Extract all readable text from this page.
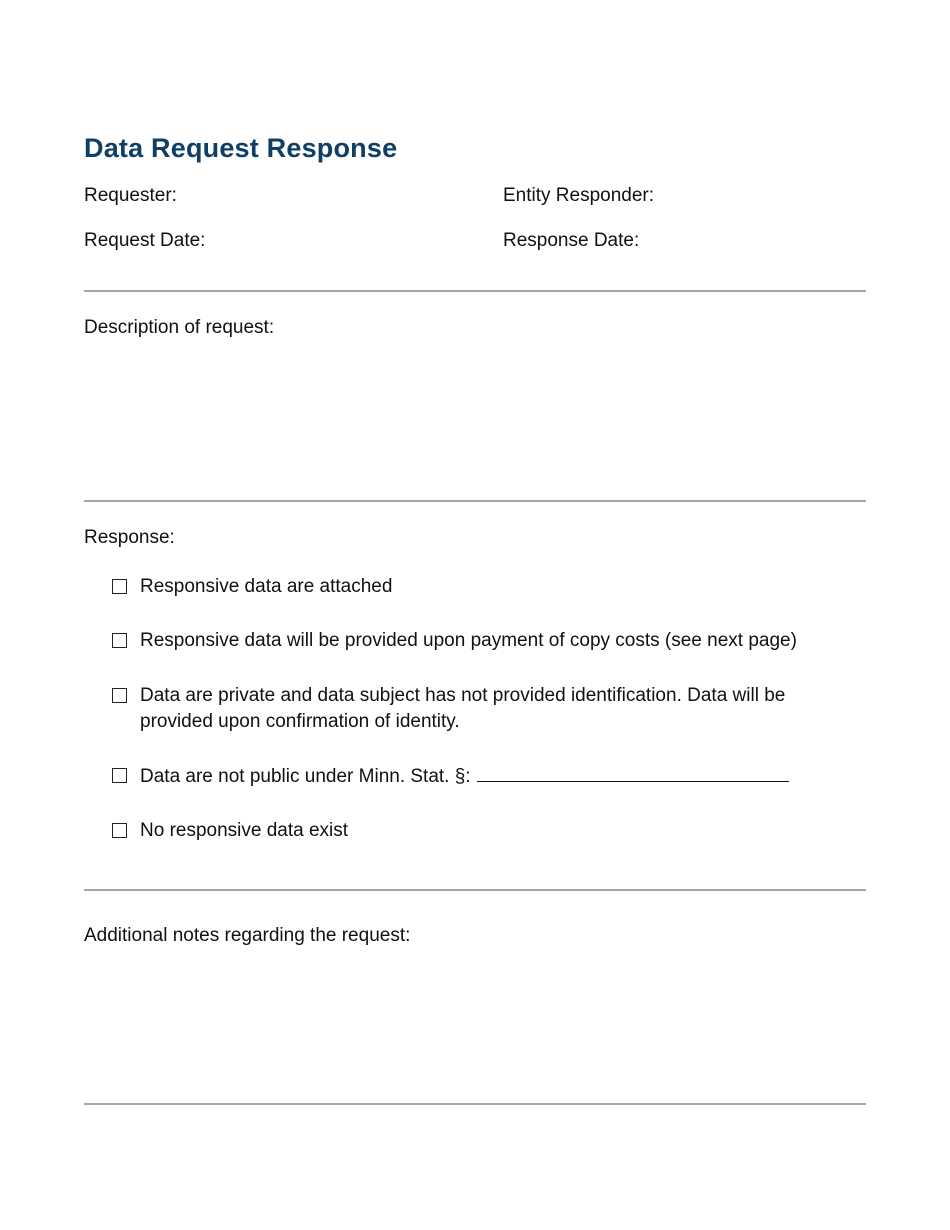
Data Request Response
Requester:	Entity Responder:
Request Date:	Response Date:
Description of request:
Response:
Responsive data are attached
Responsive data will be provided upon payment of copy costs (see next page)
Data are private and data subject has not provided identification. Data will be provided upon confirmation of identity.
Data are not public under Minn. Stat. §:
No responsive data exist
Additional notes regarding the request:
